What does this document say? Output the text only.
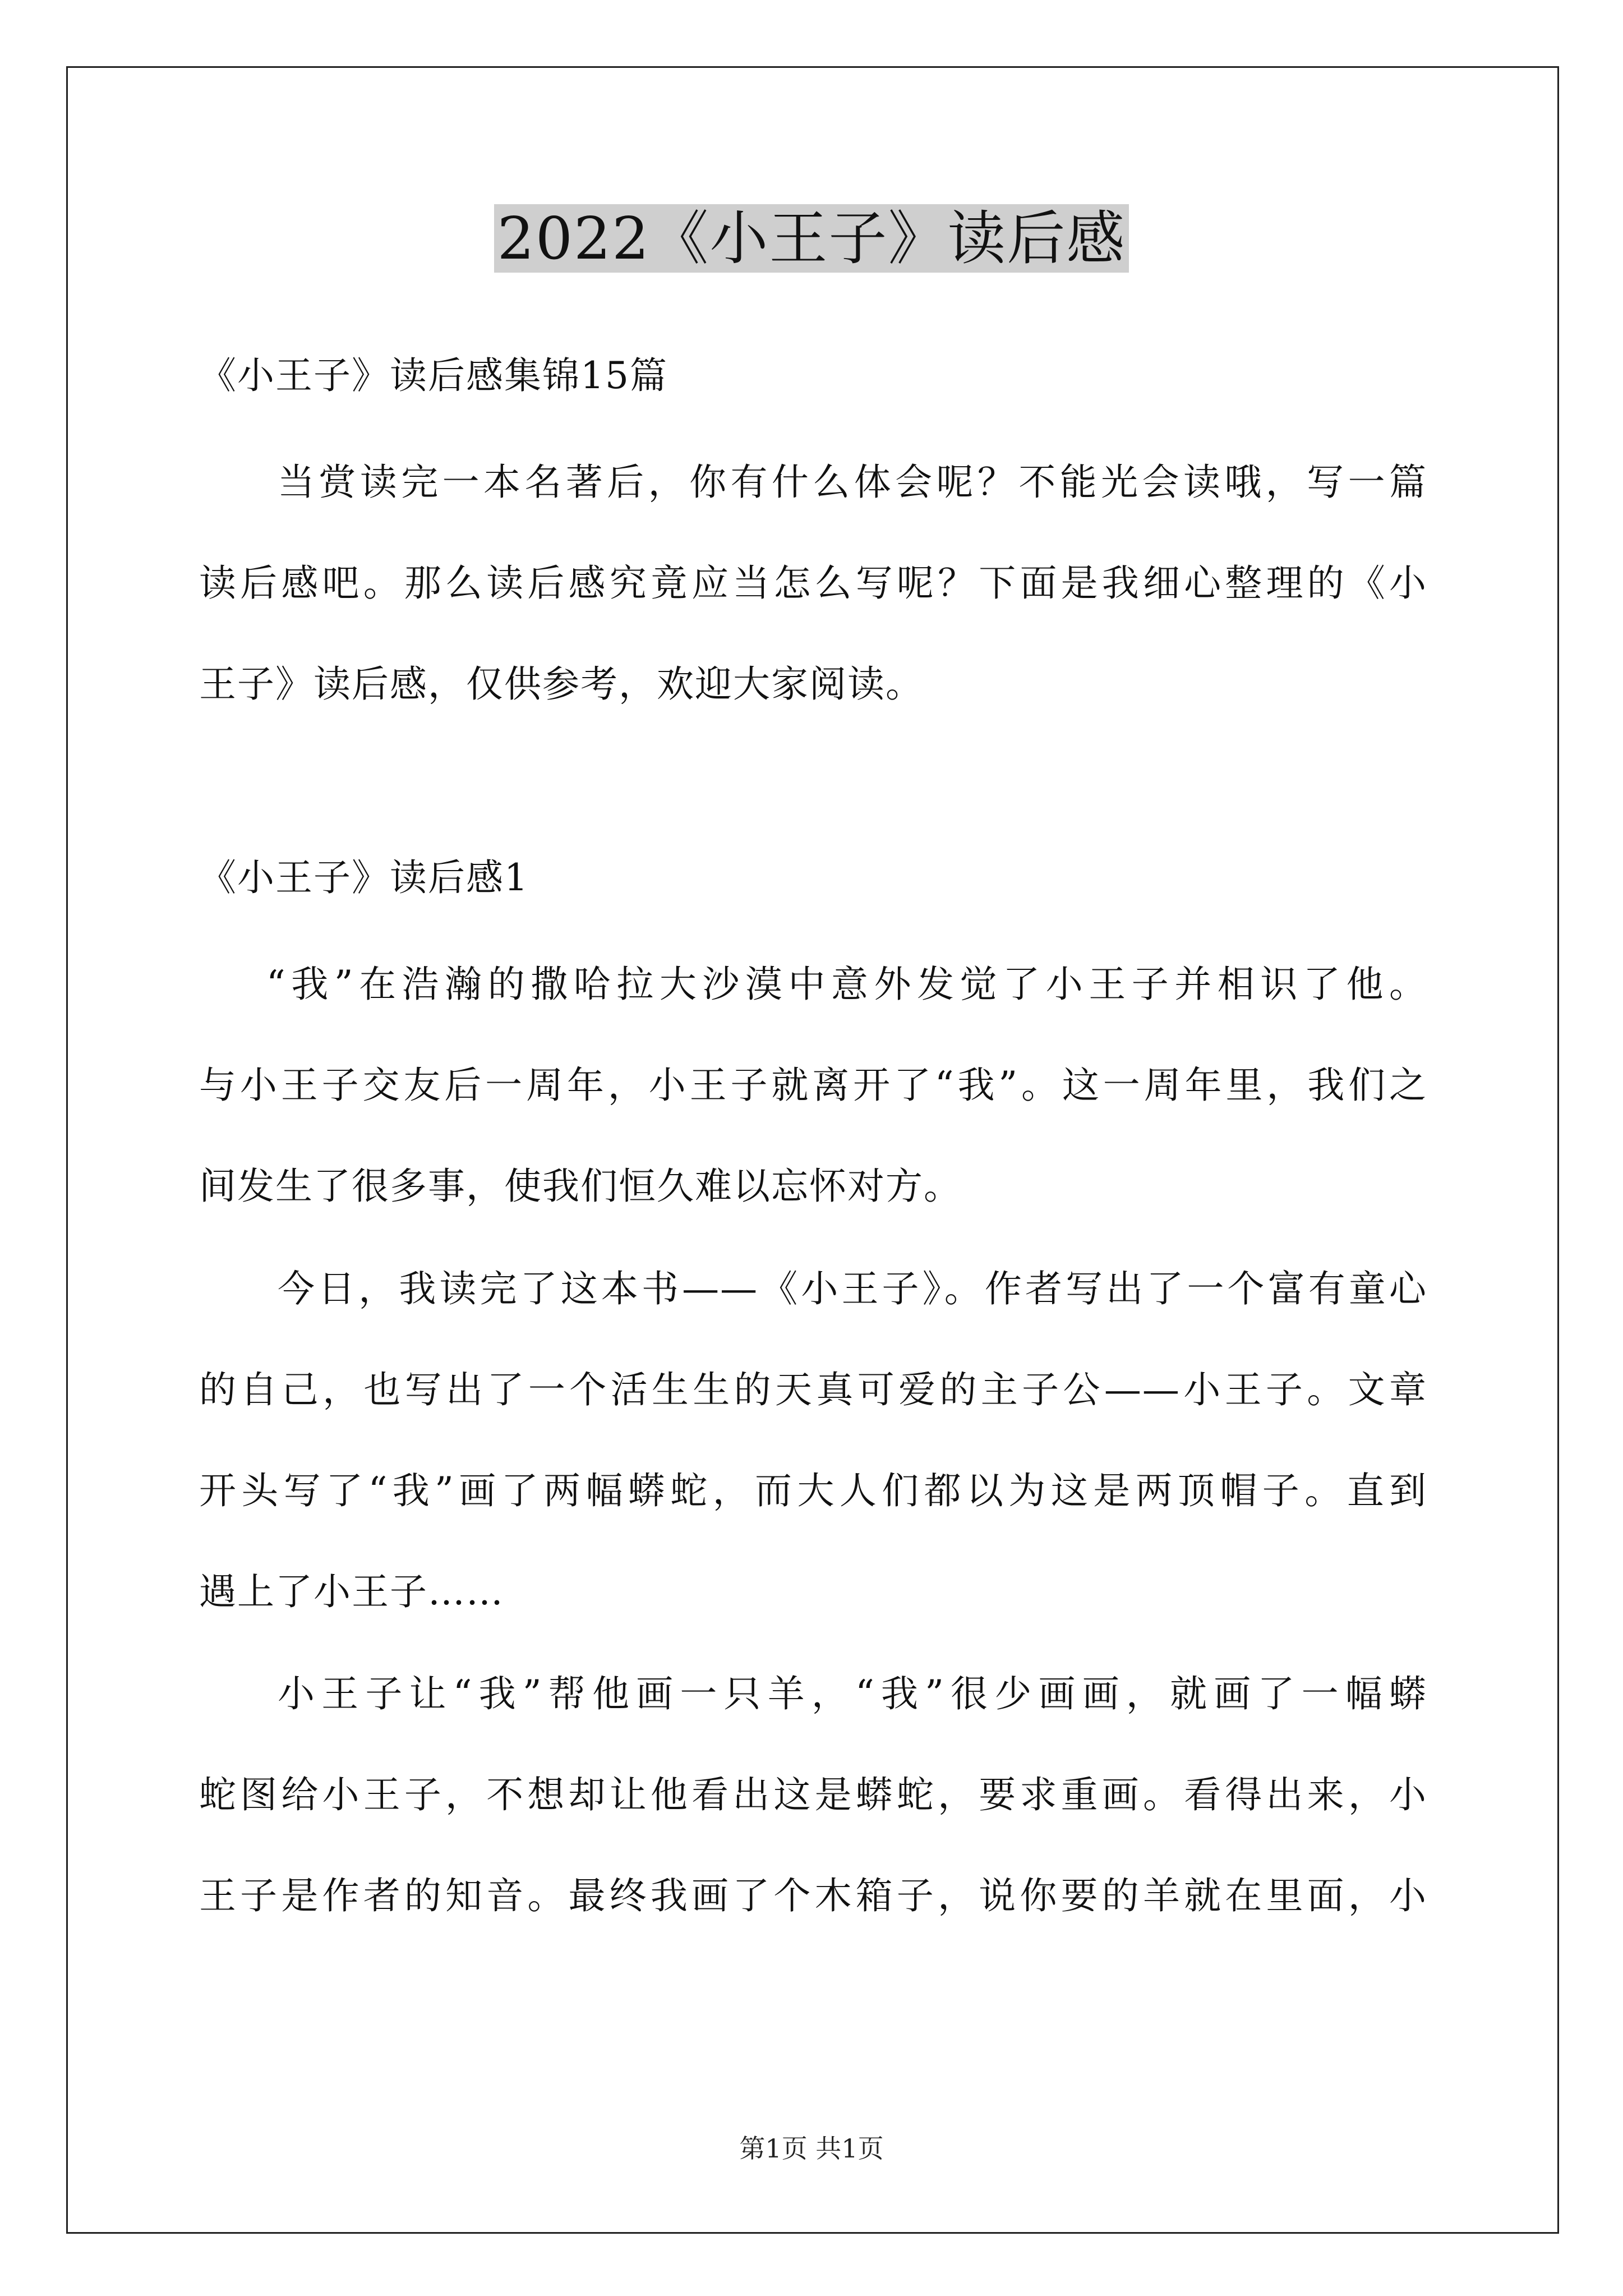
2022《小王子》读后感
《小王子》读后感集锦15篇
当赏读完一本名著后，你有什么体会呢？不能光会读哦，写一篇
读后感吧。那么读后感究竟应当怎么写呢？下面是我细心整理的《小
王子》读后感，仅供参考，欢迎大家阅读。
《小王子》读后感1
“我”在浩瀚的撒哈拉大沙漠中意外发觉了小王子并相识了他。
与小王子交友后一周年，小王子就离开了“我”。这一周年里，我们之
间发生了很多事，使我们恒久难以忘怀对方。
今日，我读完了这本书——《小王子》。作者写出了一个富有童心
的自己，也写出了一个活生生的天真可爱的主子公——小王子。文章
开头写了“我”画了两幅蟒蛇，而大人们都以为这是两顶帽子。直到
遇上了小王子……
小王子让“我”帮他画一只羊，“我”很少画画，就画了一幅蟒
蛇图给小王子，不想却让他看出这是蟒蛇，要求重画。看得出来，小
王子是作者的知音。最终我画了个木箱子，说你要的羊就在里面，小
第1页 共1页
